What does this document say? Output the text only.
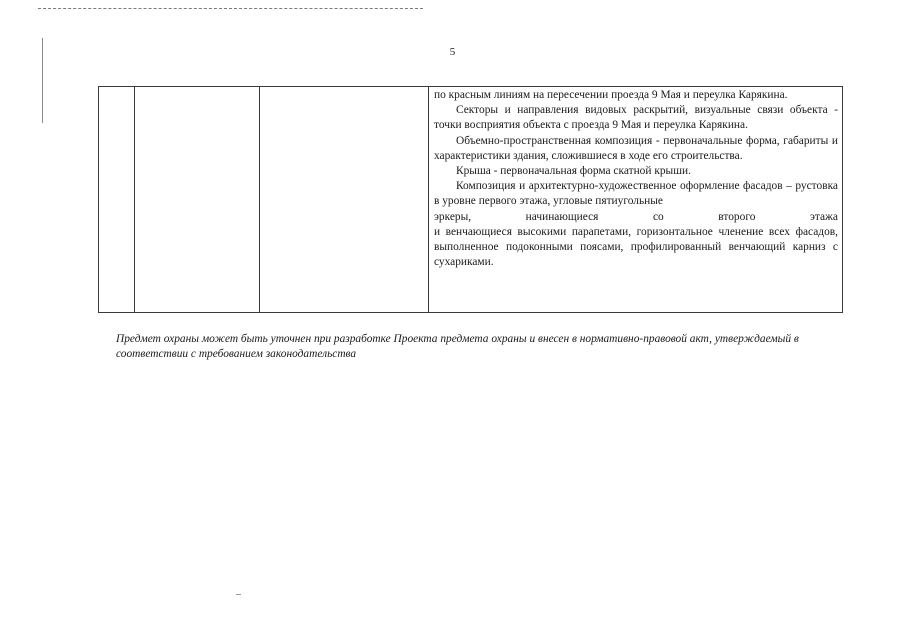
5

по красным линиям на пересечении проезда 9 Мая и переулка Карякина.

Секторы и направления видовых раскрытий, визуальные связи объекта - точки восприятия объекта с проезда 9 Мая и переулка Карякина.

Объемно-пространственная композиция - первоначальные форма, габариты и характеристики здания, сложившиеся в ходе его строительства.

Крыша - первоначальная форма скатной крыши.

Композиция и архитектурно-художественное оформление фасадов – рустовка в уровне первого этажа, угловые пятиугольные
эркеры, начинающиеся со второго этажа
и венчающиеся высокими парапетами, горизонтальное членение всех фасадов, выполненное подоконными поясами, профилированный венчающий карниз с сухариками.

Предмет охраны может быть уточнен при разработке Проекта предмета охраны и внесен в нормативно-правовой акт, утверждаемый в соответствии с требованием законодательства
